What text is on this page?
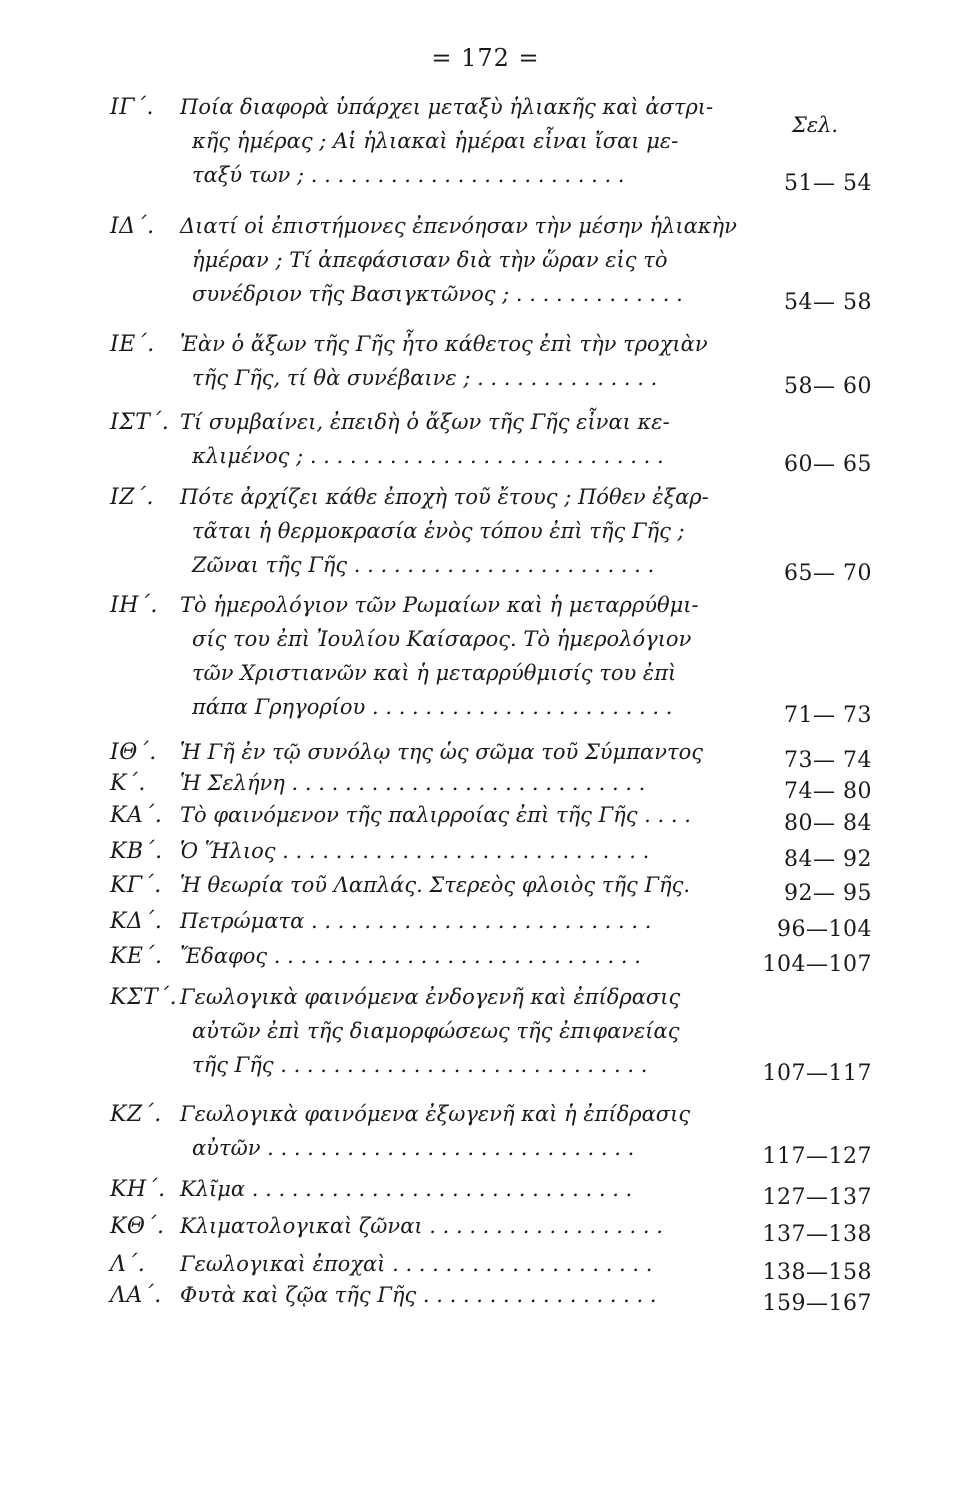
= 172 =
Σελ.
ΙΓ΄. Ποία διαφορὰ ὑπάρχει μεταξὺ ἡλιακῆς καὶ ἀστρι-
κῆς ἡμέρας ; Αἱ ἡλιακαὶ ἡμέραι εἶναι ἴσαι με-
ταξύ των ; . . . . . . . . . . . . . . . . . . . . . . . .	51— 54
ΙΔ΄. Διατί οἱ ἐπιστήμονες ἐπενόησαν τὴν μέσην ἡλιακὴν
ἡμέραν ; Τί ἀπεφάσισαν διὰ τὴν ὥραν εἰς τὸ
συνέδριον τῆς Βασιγκτῶνος ; . . . . . . . . . . . . .	54— 58
ΙΕ΄. Ἐὰν ὁ ἄξων τῆς Γῆς ἦτο κάθετος ἐπὶ τὴν τροχιὰν
τῆς Γῆς, τί θὰ συνέβαινε ; . . . . . . . . . . . . . .	58— 60
ΙΣΤ΄. Τί συμβαίνει, ἐπειδὴ ὁ ἄξων τῆς Γῆς εἶναι κε-
κλιμένος ; . . . . . . . . . . . . . . . . . . . . . . . . . . .	60— 65
ΙΖ΄. Πότε ἀρχίζει κάθε ἐποχὴ τοῦ ἔτους ; Πόθεν ἐξαρ-
τᾶται ἡ θερμοκρασία ἑνὸς τόπου ἐπὶ τῆς Γῆς ;
Ζῶναι τῆς Γῆς . . . . . . . . . . . . . . . . . . . . . . .	65— 70
ΙΗ΄. Τὸ ἡμερολόγιον τῶν Ρωμαίων καὶ ἡ μεταρρύθμι-
σίς του ἐπὶ Ἰουλίου Καίσαρος. Τὸ ἡμερολόγιον
τῶν Χριστιανῶν καὶ ἡ μεταρρύθμισίς του ἐπὶ
πάπα Γρηγορίου . . . . . . . . . . . . . . . . . . . . . . .	71— 73
ΙΘ΄. Ἡ Γῆ ἐν τῷ συνόλῳ της ὡς σῶμα τοῦ Σύμπαντος	73— 74
Κ΄. Ἡ Σελήνη . . . . . . . . . . . . . . . . . . . . . . . . . . .	74— 80
ΚΑ΄. Τὸ φαινόμενον τῆς παλιρροίας ἐπὶ τῆς Γῆς . . . .	80— 84
ΚΒ΄. Ὁ Ἥλιος . . . . . . . . . . . . . . . . . . . . . . . . . . . .	84— 92
ΚΓ΄. Ἡ θεωρία τοῦ Λαπλάς. Στερεὸς φλοιὸς τῆς Γῆς.	92— 95
ΚΔ΄. Πετρώματα . . . . . . . . . . . . . . . . . . . . . . . . . .	96—104
ΚΕ΄. Ἔδαφος . . . . . . . . . . . . . . . . . . . . . . . . . . . .	104—107
ΚΣΤ΄. Γεωλογικὰ φαινόμενα ἐνδογενῆ καὶ ἐπίδρασις
αὐτῶν ἐπὶ τῆς διαμορφώσεως τῆς ἐπιφανείας
τῆς Γῆς . . . . . . . . . . . . . . . . . . . . . . . . . . . .	107—117
ΚΖ΄. Γεωλογικὰ φαινόμενα ἐξωγενῆ καὶ ἡ ἐπίδρασις
αὐτῶν . . . . . . . . . . . . . . . . . . . . . . . . . . . .	117—127
ΚΗ΄. Κλῖμα . . . . . . . . . . . . . . . . . . . . . . . . . . . . .	127—137
ΚΘ΄. Κλιματολογικαὶ ζῶναι . . . . . . . . . . . . . . . . . .	137—138
Λ΄. Γεωλογικαὶ ἐποχαὶ . . . . . . . . . . . . . . . . . . . .	138—158
ΛΑ΄. Φυτὰ καὶ ζῷα τῆς Γῆς . . . . . . . . . . . . . . . . . .	159—167
